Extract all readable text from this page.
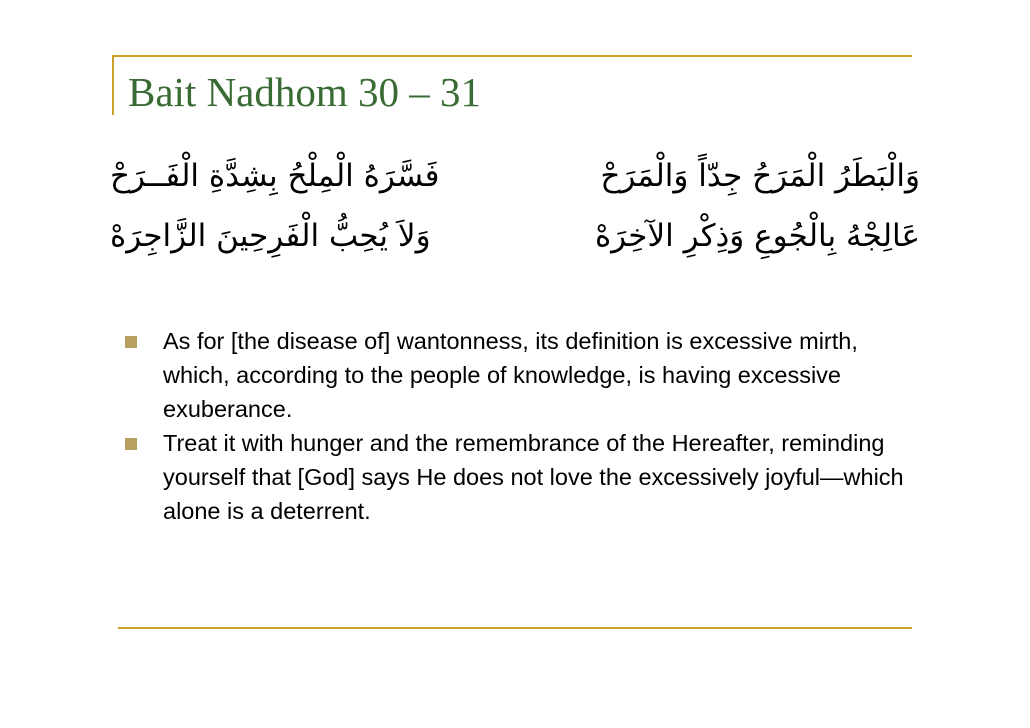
Bait Nadhom 30 – 31
وَالْبَطَرُ الْمَرَحُ جِدّاً وَالْمَرَحْ
فَسَّرَهُ الْمِلْحُ بِشِدَّةِ الْفَــرَحْ
عَالِجْهُ بِالْجُوعِ وَذِكْرِ الآخِرَهْ
وَلاَ يُحِبُّ الْفَرِحِينَ الزَّاجِرَهْ
As for [the disease of] wantonness, its definition is excessive mirth, which, according to the people of knowledge, is having excessive exuberance.
Treat it with hunger and the remembrance of the Hereafter, reminding yourself that [God] says He does not love the excessively joyful—which alone is a deterrent.
